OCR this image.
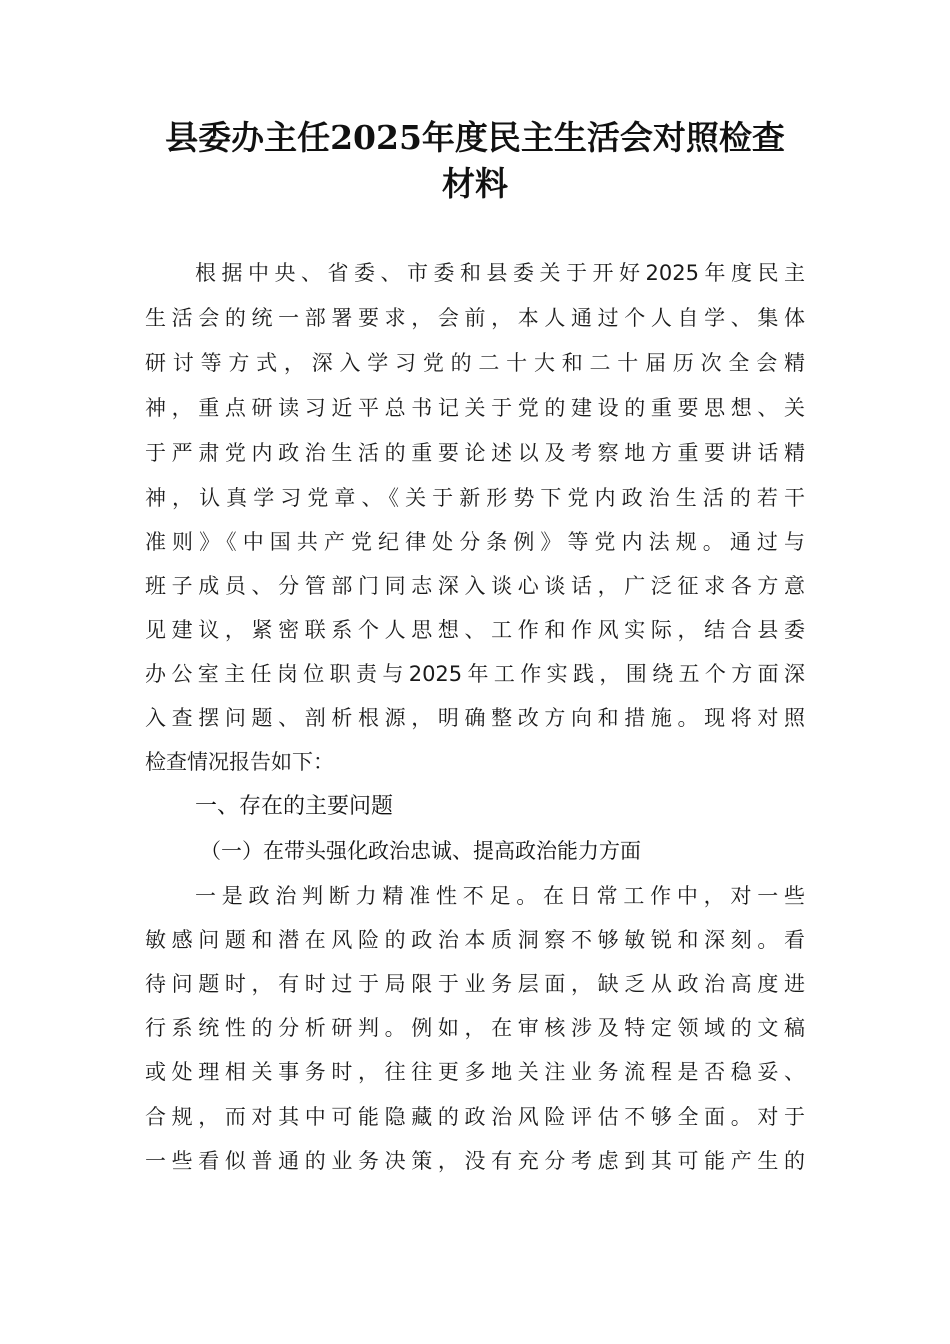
县委办主任2025年度民主生活会对照检查
材料
根据中央、省委、市委和县委关于开好2025年度民主
生活会的统一部署要求，会前，本人通过个人自学、集体
研讨等方式，深入学习党的二十大和二十届历次全会精
神，重点研读习近平总书记关于党的建设的重要思想、关
于严肃党内政治生活的重要论述以及考察地方重要讲话精
神，认真学习党章、《关于新形势下党内政治生活的若干
准则》《中国共产党纪律处分条例》等党内法规。通过与
班子成员、分管部门同志深入谈心谈话，广泛征求各方意
见建议，紧密联系个人思想、工作和作风实际，结合县委
办公室主任岗位职责与2025年工作实践，围绕五个方面深
入查摆问题、剖析根源，明确整改方向和措施。现将对照
检查情况报告如下：
一、存在的主要问题
（一）在带头强化政治忠诚、提高政治能力方面
一是政治判断力精准性不足。在日常工作中，对一些
敏感问题和潜在风险的政治本质洞察不够敏锐和深刻。看
待问题时，有时过于局限于业务层面，缺乏从政治高度进
行系统性的分析研判。例如，在审核涉及特定领域的文稿
或处理相关事务时，往往更多地关注业务流程是否稳妥、
合规，而对其中可能隐藏的政治风险评估不够全面。对于
一些看似普通的业务决策，没有充分考虑到其可能产生的
